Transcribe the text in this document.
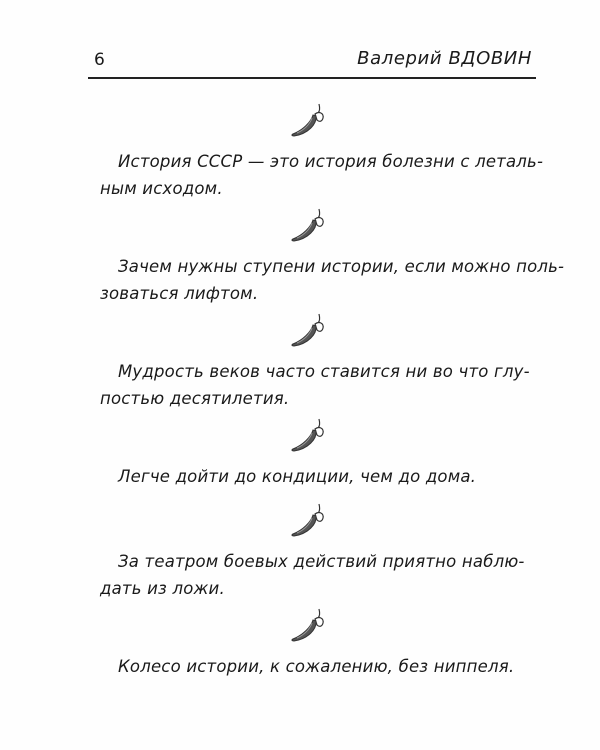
6	Валерий ВДОВИН
История СССР — это история болезни с леталь-
ным исходом.
Зачем нужны ступени истории, если можно поль-
зоваться лифтом.
Мудрость веков часто ставится ни во что глу-
постью десятилетия.
Легче дойти до кондиции, чем до дома.
За театром боевых действий приятно наблю-
дать из ложи.
Колесо истории, к сожалению, без ниппеля.
